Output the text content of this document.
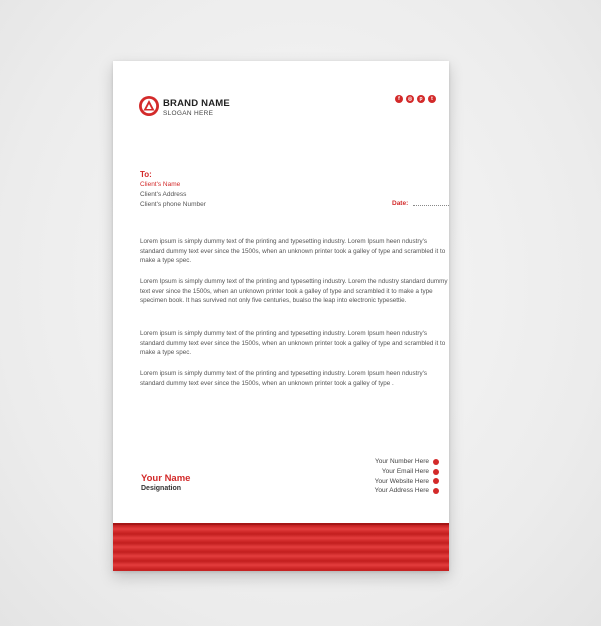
BRAND NAME
SLOGAN HERE
f	◎	p	t
To:
Client's Name
Client's Address
Client's phone Number	Date:

Lorem ipsum is simply dummy text of the printing and typesetting industry. Lorem Ipsum heen ndustry's standard dummy text ever since the 1500s, when an unknown printer took a galley of type and scrambled it to make a type spec.

Lorem Ipsum is simply dummy text of the printing and typesetting industry. Lorem the ndustry standard dummy text ever since the 1500s, when an unknown printer took a galley of type and scrambled it to make a type specimen book. It has survived not only five centuries, bualso the leap into electronic typesettie.

Lorem ipsum is simply dummy text of the printing and typesetting industry. Lorem Ipsum heen ndustry's standard dummy text ever since the 1500s, when an unknown printer took a galley of type and scrambled it to make a type spec.

Lorem ipsum is simply dummy text of the printing and typesetting industry. Lorem Ipsum heen ndustry's standard dummy text ever since the 1500s, when an unknown printer took a galley of type .

Your Name
Designation
Your Number Here
Your Email Here
Your Website Here
Your Address Here
